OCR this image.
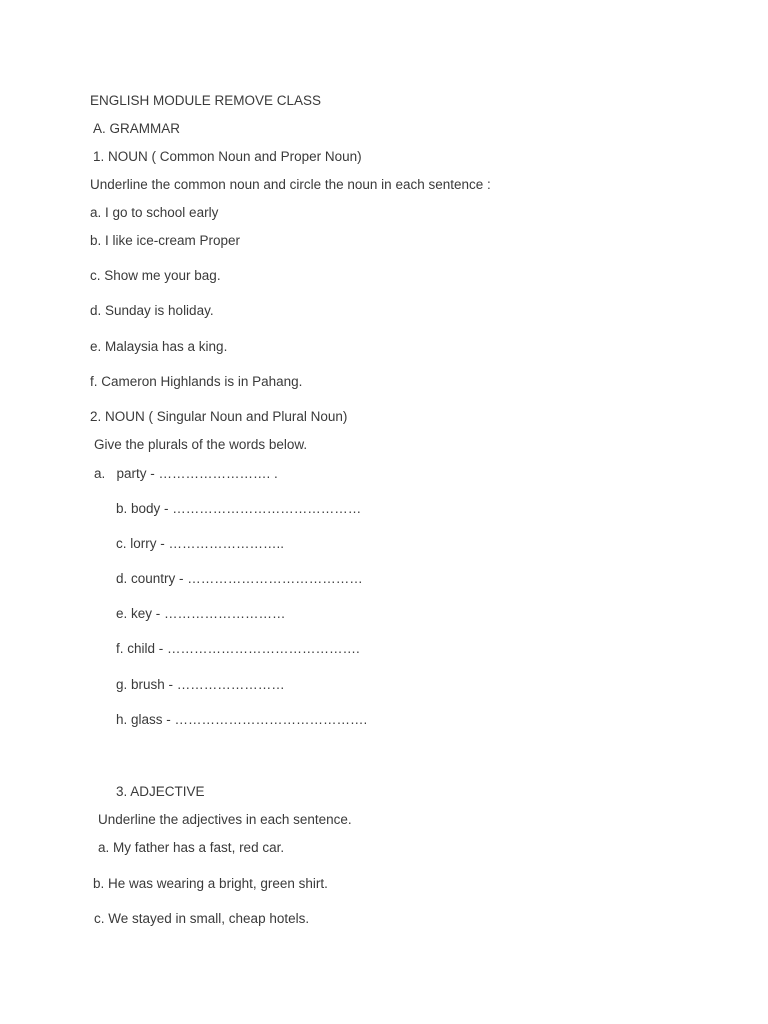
ENGLISH MODULE REMOVE CLASS
A. GRAMMAR
1. NOUN ( Common Noun and Proper Noun)
Underline the common noun and circle the noun in each sentence :
a. I go to school early
b. I like ice-cream Proper
c. Show me your bag.
d. Sunday is holiday.
e. Malaysia has a king.
f. Cameron Highlands is in Pahang.
2. NOUN ( Singular Noun and Plural Noun)
Give the plurals of the words below.
a.   party - ……………………. .
b. body - ……………………………………
c. lorry - ……………………..
d. country - …………………………………
e. key - ………………………
f. child - …………………………………….
g. brush - ……………………
h. glass - …………………………………….
3. ADJECTIVE
Underline the adjectives in each sentence.
a. My father has a fast, red car.
b. He was wearing a bright, green shirt.
c. We stayed in small, cheap hotels.
